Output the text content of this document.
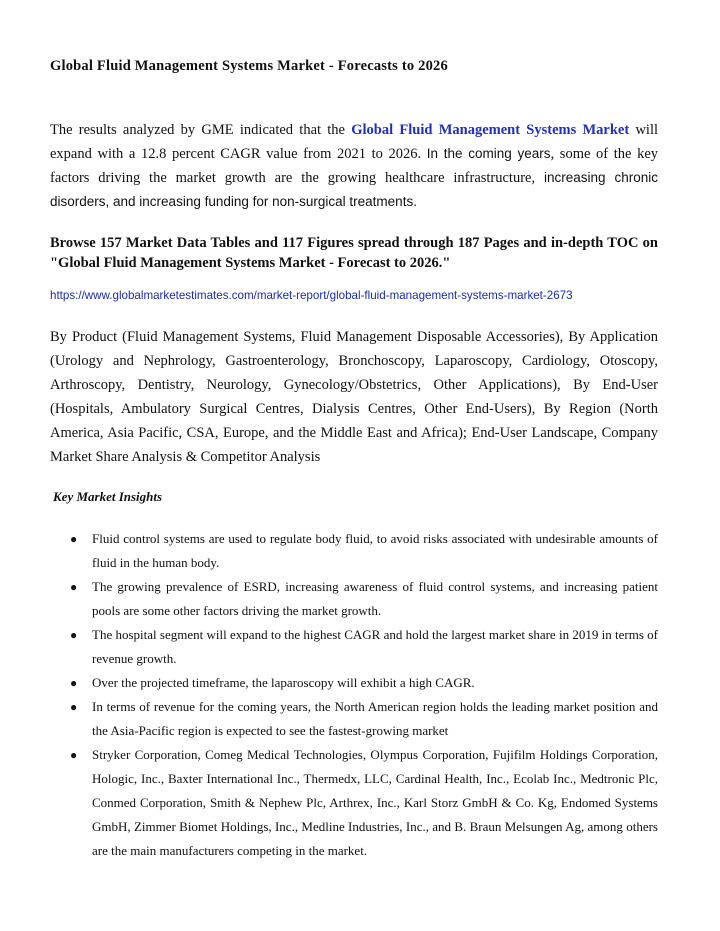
Global Fluid Management Systems Market - Forecasts to 2026
The results analyzed by GME indicated that the Global Fluid Management Systems Market will expand with a 12.8 percent CAGR value from 2021 to 2026. In the coming years, some of the key factors driving the market growth are the growing healthcare infrastructure, increasing chronic disorders, and increasing funding for non-surgical treatments.
Browse 157 Market Data Tables and 117 Figures spread through 187 Pages and in-depth TOC on "Global Fluid Management Systems Market - Forecast to 2026."
https://www.globalmarketestimates.com/market-report/global-fluid-management-systems-market-2673
By Product (Fluid Management Systems, Fluid Management Disposable Accessories), By Application (Urology and Nephrology, Gastroenterology, Bronchoscopy, Laparoscopy, Cardiology, Otoscopy, Arthroscopy, Dentistry, Neurology, Gynecology/Obstetrics, Other Applications), By End-User (Hospitals, Ambulatory Surgical Centres, Dialysis Centres, Other End-Users), By Region (North America, Asia Pacific, CSA, Europe, and the Middle East and Africa); End-User Landscape, Company Market Share Analysis & Competitor Analysis
Key Market Insights
● Fluid control systems are used to regulate body fluid, to avoid risks associated with undesirable amounts of fluid in the human body.
● The growing prevalence of ESRD, increasing awareness of fluid control systems, and increasing patient pools are some other factors driving the market growth.
● The hospital segment will expand to the highest CAGR and hold the largest market share in 2019 in terms of revenue growth.
● Over the projected timeframe, the laparoscopy will exhibit a high CAGR.
● In terms of revenue for the coming years, the North American region holds the leading market position and the Asia-Pacific region is expected to see the fastest-growing market
● Stryker Corporation, Comeg Medical Technologies, Olympus Corporation, Fujifilm Holdings Corporation, Hologic, Inc., Baxter International Inc., Thermedx, LLC, Cardinal Health, Inc., Ecolab Inc., Medtronic Plc, Conmed Corporation, Smith & Nephew Plc, Arthrex, Inc., Karl Storz GmbH & Co. Kg, Endomed Systems GmbH, Zimmer Biomet Holdings, Inc., Medline Industries, Inc., and B. Braun Melsungen Ag, among others are the main manufacturers competing in the market.
